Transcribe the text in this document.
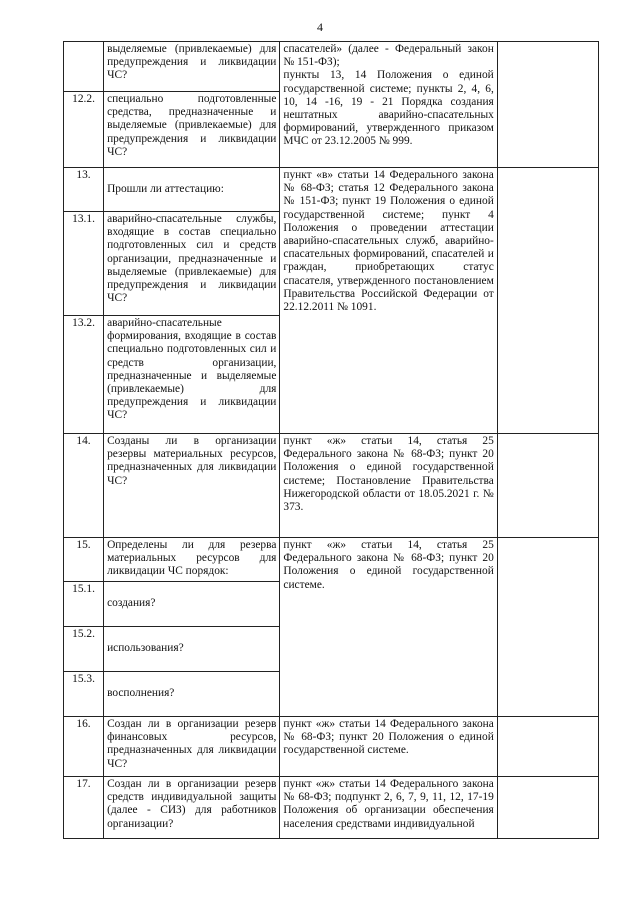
4
	выделяемые (привлекаемые) для предупреждения и ликвидации ЧС?	спасателей» (далее - Федеральный закон № 151-ФЗ);
пункты 13, 14 Положения о единой государственной системе; пункты 2, 4, 6, 10, 14 -16, 19 - 21 Порядка создания нештатных аварийно-спасательных формирований, утвержденного приказом МЧС от 23.12.2005 № 999.	

12.2.	специально подготовленные средства, предназначенные и выделяемые (привлекаемые) для предупреждения и ликвидации ЧС?		
13.	Прошли ли аттестацию:	пункт «в» статьи 14 Федерального закона № 68-ФЗ; статья 12 Федерального закона № 151-ФЗ; пункт 19 Положения о единой государственной системе; пункт 4 Положения о проведении аттестации аварийно-спасательных служб, аварийно-спасательных формирований, спасателей и граждан, приобретающих статус спасателя, утвержденного постановлением Правительства Российской Федерации от 22.12.2011 № 1091.	
13.1.	аварийно-спасательные службы, входящие в состав специально подготовленных сил и средств организации, предназначенные и выделяемые (привлекаемые) для предупреждения и ликвидации ЧС?		
13.2.	аварийно-спасательные формирования, входящие в состав специально подготовленных сил и средств организации, предназначенные и выделяемые (привлекаемые) для предупреждения и ликвидации ЧС?		
14.	Созданы ли в организации резервы материальных ресурсов, предназначенных для ликвидации ЧС?	пункт «ж» статьи 14, статья 25 Федерального закона № 68-ФЗ; пункт 20 Положения о единой государственной системе; Постановление Правительства Нижегородской области от 18.05.2021 г. № 373.	
15.	Определены ли для резерва материальных ресурсов для ликвидации ЧС порядок:	пункт «ж» статьи 14, статья 25 Федерального закона № 68-ФЗ; пункт 20 Положения о единой государственной системе.	
15.1.	создания?		
15.2.	использования?		
15.3.	восполнения?		
16.	Создан ли в организации резерв финансовых ресурсов, предназначенных для ликвидации ЧС?	пункт «ж» статьи 14 Федерального закона № 68-ФЗ; пункт 20 Положения о единой государственной системе.	
17.	Создан ли в организации резерв средств индивидуальной защиты (далее - СИЗ) для работников организации?	пункт «ж» статьи 14 Федерального закона № 68-ФЗ; подпункт 2, 6, 7, 9, 11, 12, 17-19 Положения об организации обеспечения населения средствами индивидуальной	
